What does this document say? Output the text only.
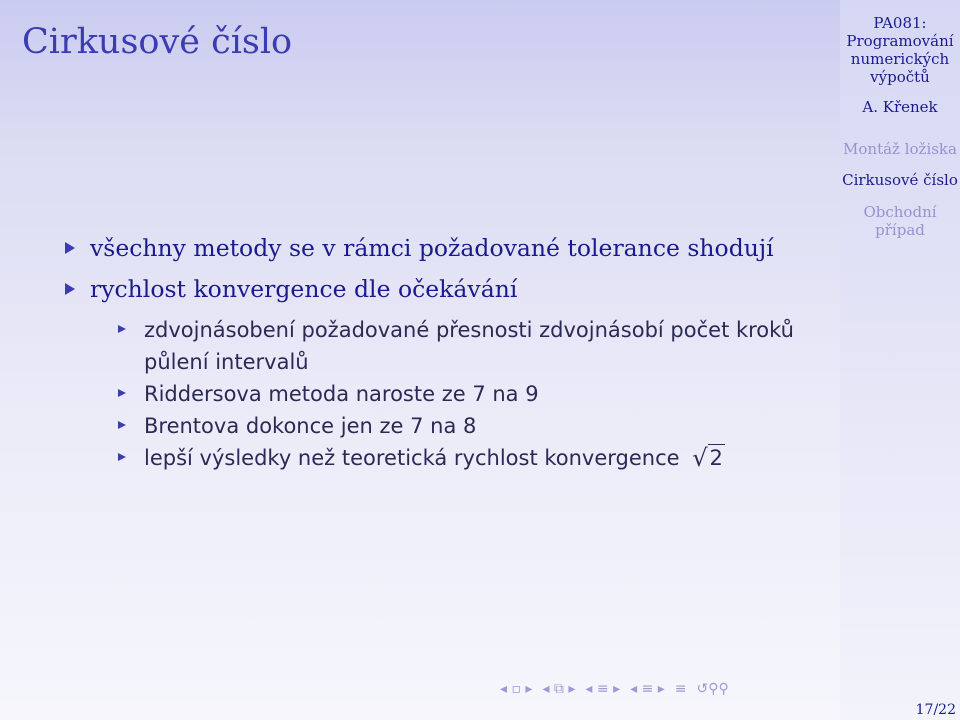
Cirkusové číslo
všechny metody se v rámci požadované tolerance shodují
rychlost konvergence dle očekávání
zdvojnásobení požadované přesnosti zdvojnásobí počet kroků půlení intervalů
Riddersova metoda naroste ze 7 na 9
Brentova dokonce jen ze 7 na 8
lepší výsledky než teoretická rychlost konvergence √2
◂ ▫ ▸ ◂ ⧉ ▸ ◂ ≡ ▸ ◂ ≡ ▸ ≡ ↺⚲⚲
PA081: Programování numerických výpočtů
A. Křenek
Montáž ložiska
Cirkusové číslo
Obchodní případ
17/22
